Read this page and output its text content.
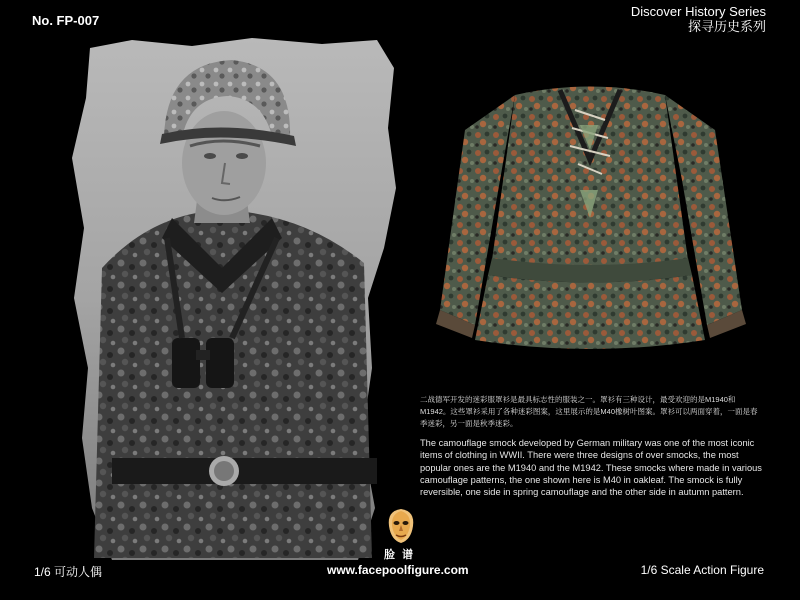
No. FP-007
Discover History Series
探寻历史系列
二战德军开发的迷彩服罩衫是最具标志性的服装之一。罩衫有三种设计，最受欢迎的是M1940和M1942。这些罩衫采用了各种迷彩图案，这里展示的是M40橡树叶图案。罩衫可以两面穿着，一面是春季迷彩，另一面是秋季迷彩。
The camouflage smock developed by German military was one of the most iconic items of clothing in WWII. There were three designs of over smocks, the most popular ones are the M1940 and the M1942. These smocks where made in various camouflage patterns, the one shown here is M40 in oakleaf. The smock is fully reversible, one side in spring camouflage and the other side in autumn pattern.
脸 谱
1/6 可动人偶	www.facepoolfigure.com	1/6 Scale Action Figure
